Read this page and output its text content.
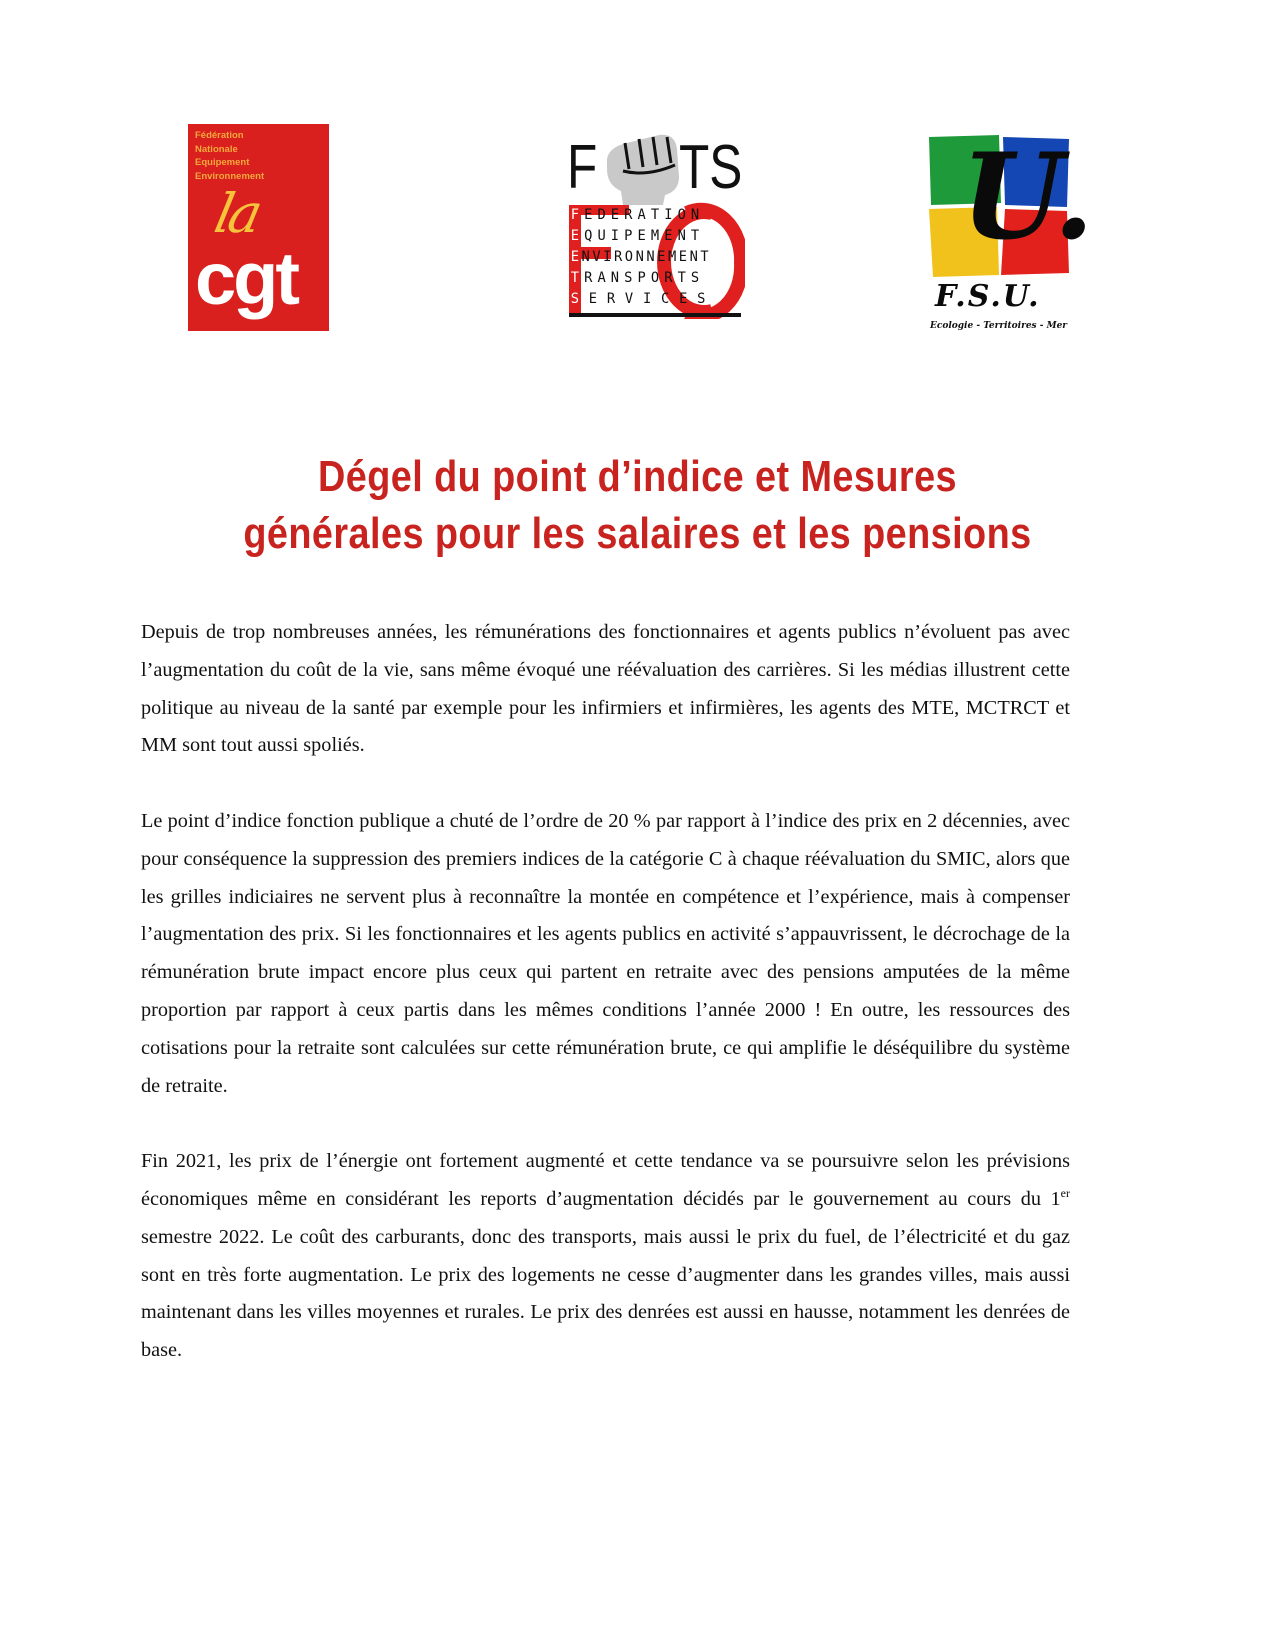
Fédération
Nationale
Equipement
Environnement
la
cgt
F TS
FEDERATION
EQUIPEMENT
ENVIRONNEMENT
TRANSPORTS
SERVICES
U.
F.S.U.
Ecologie - Territoires - Mer
Dégel du point d’indice et Mesures
générales pour les salaires et les pensions

Depuis de trop nombreuses années, les rémunérations des fonctionnaires et agents publics n’évoluent pas avec l’augmentation du coût de la vie, sans même évoqué une réévaluation des carrières. Si les médias illustrent cette politique au niveau de la santé par exemple pour les infirmiers et infirmières, les agents des MTE, MCTRCT et MM sont tout aussi spoliés.

Le point d’indice fonction publique a chuté de l’ordre de 20 % par rapport à l’indice des prix en 2 décennies, avec pour conséquence la suppression des premiers indices de la catégorie C à chaque réévaluation du SMIC, alors que les grilles indiciaires ne servent plus à reconnaître la montée en compétence et l’expérience, mais à compenser l’augmentation des prix. Si les fonctionnaires et les agents publics en activité s’appauvrissent, le décrochage de la rémunération brute impact encore plus ceux qui partent en retraite avec des pensions amputées de la même proportion par rapport à ceux partis dans les mêmes conditions l’année 2000 ! En outre, les ressources des cotisations pour la retraite sont calculées sur cette rémunération brute, ce qui amplifie le déséquilibre du système de retraite.

Fin 2021, les prix de l’énergie ont fortement augmenté et cette tendance va se poursuivre selon les prévisions économiques même en considérant les reports d’augmentation décidés par le gouvernement au cours du 1er semestre 2022. Le coût des carburants, donc des transports, mais aussi le prix du fuel, de l’électricité et du gaz sont en très forte augmentation. Le prix des logements ne cesse d’augmenter dans les grandes villes, mais aussi maintenant dans les villes moyennes et rurales. Le prix des denrées est aussi en hausse, notamment les denrées de base.
